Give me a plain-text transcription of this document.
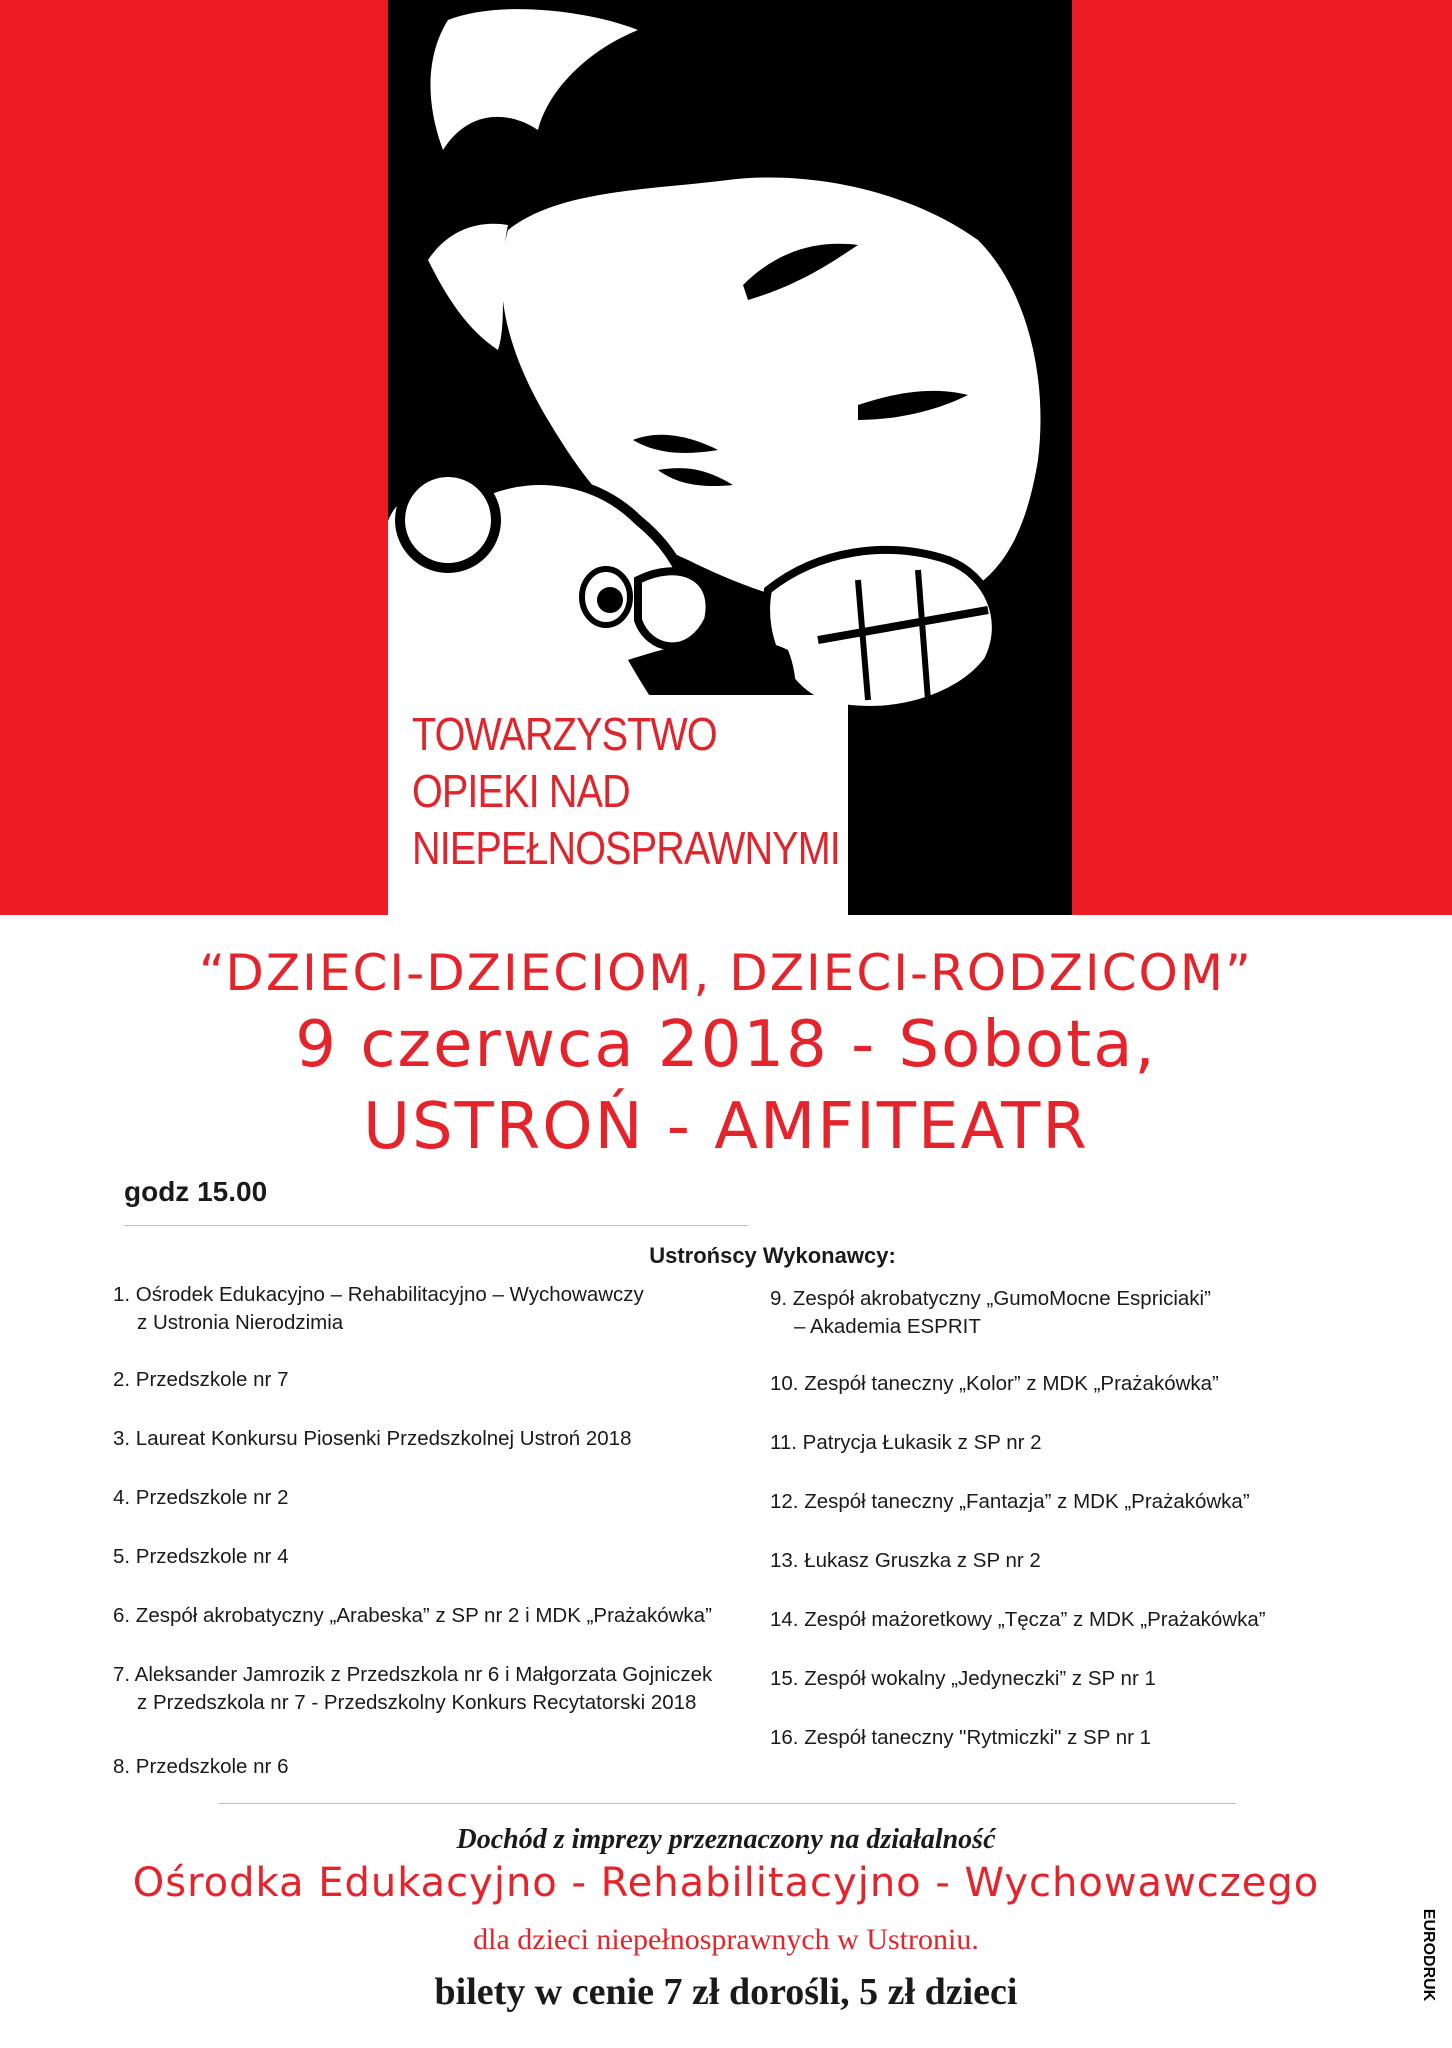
TOWARZYSTWO
OPIEKI NAD
NIEPEŁNOSPRAWNYMI
“DZIECI-DZIECIOM, DZIECI-RODZICOM”
9 czerwca 2018 - Sobota,
USTROŃ - AMFITEATR
godz 15.00
Ustrońscy Wykonawcy:
1. Ośrodek Edukacyjno – Rehabilitacyjno – Wychowawczy
z Ustronia Nierodzimia
2. Przedszkole nr 7
3. Laureat Konkursu Piosenki Przedszkolnej Ustroń 2018
4. Przedszkole nr 2
5. Przedszkole nr 4
6. Zespół akrobatyczny „Arabeska” z SP nr 2 i MDK „Prażakówka”
7. Aleksander Jamrozik z Przedszkola nr 6 i Małgorzata Gojniczek
z Przedszkola nr 7 - Przedszkolny Konkurs Recytatorski 2018
8. Przedszkole nr 6
9. Zespół akrobatyczny „GumoMocne Espriciaki”
– Akademia ESPRIT
10. Zespół taneczny „Kolor” z MDK „Prażakówka”
11. Patrycja Łukasik z SP nr 2
12. Zespół taneczny „Fantazja” z MDK „Prażakówka”
13. Łukasz Gruszka z SP nr 2
14. Zespół mażoretkowy „Tęcza” z MDK „Prażakówka”
15. Zespół wokalny „Jedyneczki” z SP nr 1
16. Zespół taneczny "Rytmiczki" z SP nr 1
Dochód z imprezy przeznaczony na działalność
Ośrodka Edukacyjno - Rehabilitacyjno - Wychowawczego
dla dzieci niepełnosprawnych w Ustroniu.
bilety w cenie 7 zł dorośli, 5 zł dzieci	EURODRUK
